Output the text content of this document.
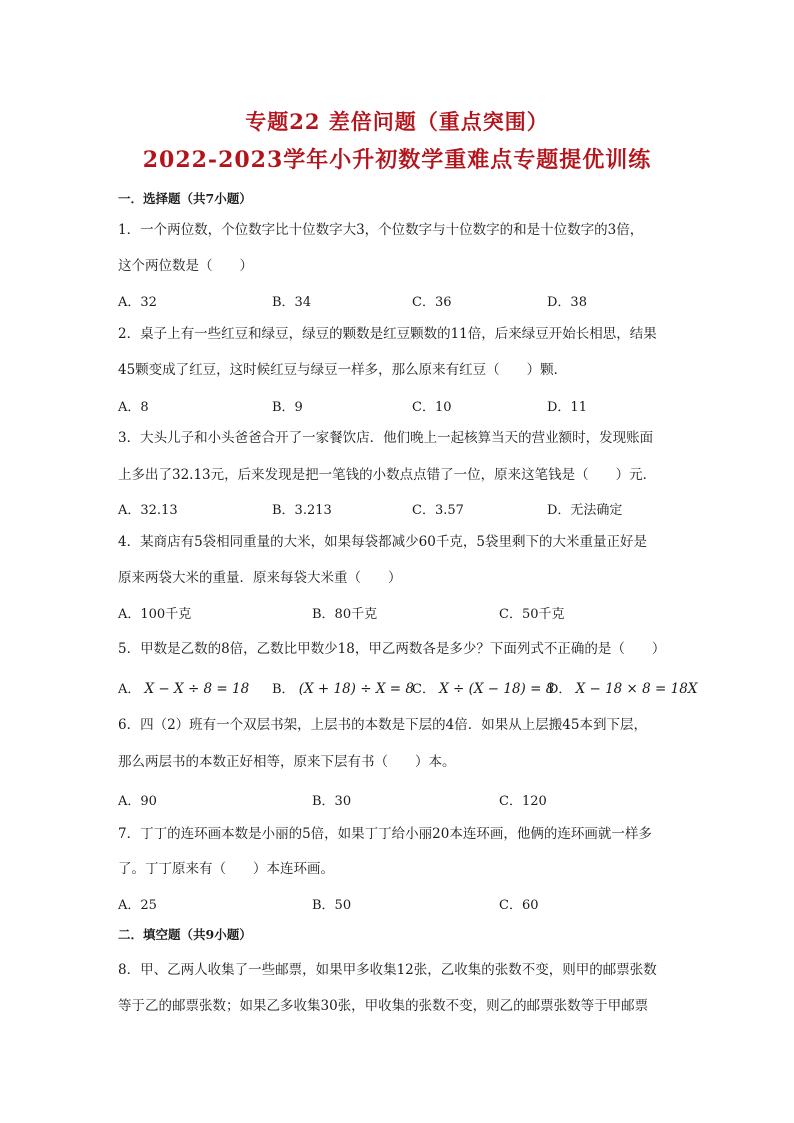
专题22 差倍问题（重点突围）
2022-2023学年小升初数学重难点专题提优训练
一．选择题（共7小题）
1．一个两位数，个位数字比十位数字大3，个位数字与十位数字的和是十位数字的3倍，
这个两位数是（　　）
A．32	B．34	C．36	D．38
2．桌子上有一些红豆和绿豆，绿豆的颗数是红豆颗数的11倍，后来绿豆开始长相思，结果
45颗变成了红豆，这时候红豆与绿豆一样多，那么原来有红豆（　　）颗．
A．8	B．9	C．10	D．11
3．大头儿子和小头爸爸合开了一家餐饮店．他们晚上一起核算当天的营业额时，发现账面
上多出了32.13元，后来发现是把一笔钱的小数点点错了一位，原来这笔钱是（　　）元．
A．32.13	B．3.213	C．3.57	D．无法确定
4．某商店有5袋相同重量的大米，如果每袋都减少60千克，5袋里剩下的大米重量正好是
原来两袋大米的重量．原来每袋大米重（　　）
A．100千克	B．80千克	C．50千克
5．甲数是乙数的8倍，乙数比甲数少18，甲乙两数各是多少？下面列式不正确的是（　　）
A． X − X ÷ 8 = 18 B． (X + 18) ÷ X = 8
C． X ÷ (X − 18) = 8
D． X − 18 × 8 = 18X
6．四（2）班有一个双层书架，上层书的本数是下层的4倍．如果从上层搬45本到下层，
那么两层书的本数正好相等，原来下层有书（　　）本。
A．90	B．30	C．120
7．丁丁的连环画本数是小丽的5倍，如果丁丁给小丽20本连环画，他俩的连环画就一样多
了。丁丁原来有（　　）本连环画。
A．25	B．50	C．60
二．填空题（共9小题）
8．甲、乙两人收集了一些邮票，如果甲多收集12张，乙收集的张数不变，则甲的邮票张数
等于乙的邮票张数；如果乙多收集30张，甲收集的张数不变，则乙的邮票张数等于甲邮票
